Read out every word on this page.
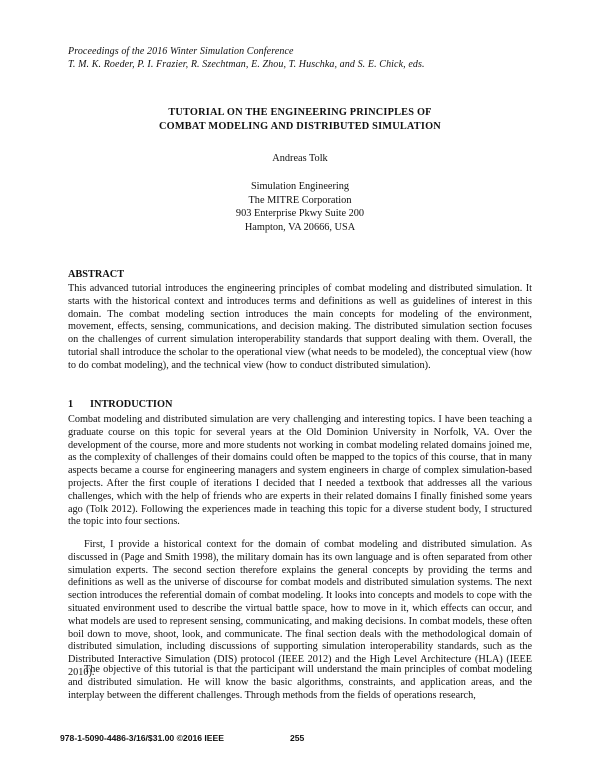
Proceedings of the 2016 Winter Simulation Conference
T. M. K. Roeder, P. I. Frazier, R. Szechtman, E. Zhou, T. Huschka, and S. E. Chick, eds.
TUTORIAL ON THE ENGINEERING PRINCIPLES OF
COMBAT MODELING AND DISTRIBUTED SIMULATION
Andreas Tolk
Simulation Engineering
The MITRE Corporation
903 Enterprise Pkwy Suite 200
Hampton, VA 20666, USA
ABSTRACT

This advanced tutorial introduces the engineering principles of combat modeling and distributed simulation. It starts with the historical context and introduces terms and definitions as well as guidelines of interest in this domain. The combat modeling section introduces the main concepts for modeling of the environment, movement, effects, sensing, communications, and decision making. The distributed simulation section focuses on the challenges of current simulation interoperability standards that support dealing with them. Overall, the tutorial shall introduce the scholar to the operational view (what needs to be modeled), the conceptual view (how to do combat modeling), and the technical view (how to conduct distributed simulation).

1 INTRODUCTION

Combat modeling and distributed simulation are very challenging and interesting topics. I have been teaching a graduate course on this topic for several years at the Old Dominion University in Norfolk, VA. Over the development of the course, more and more students not working in combat modeling related domains joined me, as the complexity of challenges of their domains could often be mapped to the topics of this course, that in many aspects became a course for engineering managers and system engineers in charge of complex simulation-based projects. After the first couple of iterations I decided that I needed a textbook that addresses all the various challenges, which with the help of friends who are experts in their related domains I finally finished some years ago (Tolk 2012). Following the experiences made in teaching this topic for a diverse student body, I structured the topic into four sections.

First, I provide a historical context for the domain of combat modeling and distributed simulation. As discussed in (Page and Smith 1998), the military domain has its own language and is often separated from other simulation experts. The second section therefore explains the general concepts by providing the terms and definitions as well as the universe of discourse for combat models and distributed simulation systems. The next section introduces the referential domain of combat modeling. It looks into concepts and models to cope with the situated environment used to describe the virtual battle space, how to move in it, which effects can occur, and what models are used to represent sensing, communicating, and making decisions. In combat models, these often boil down to move, shoot, look, and communicate. The final section deals with the methodological domain of distributed simulation, including discussions of supporting simulation interoperability standards, such as the Distributed Interactive Simulation (DIS) protocol (IEEE 2012) and the High Level Architecture (HLA) (IEEE 2010).

The objective of this tutorial is that the participant will understand the main principles of combat modeling and distributed simulation. He will know the basic algorithms, constraints, and application areas, and the interplay between the different challenges. Through methods from the fields of operations research,

978-1-5090-4486-3/16/$31.00 ©2016 IEEE	255
